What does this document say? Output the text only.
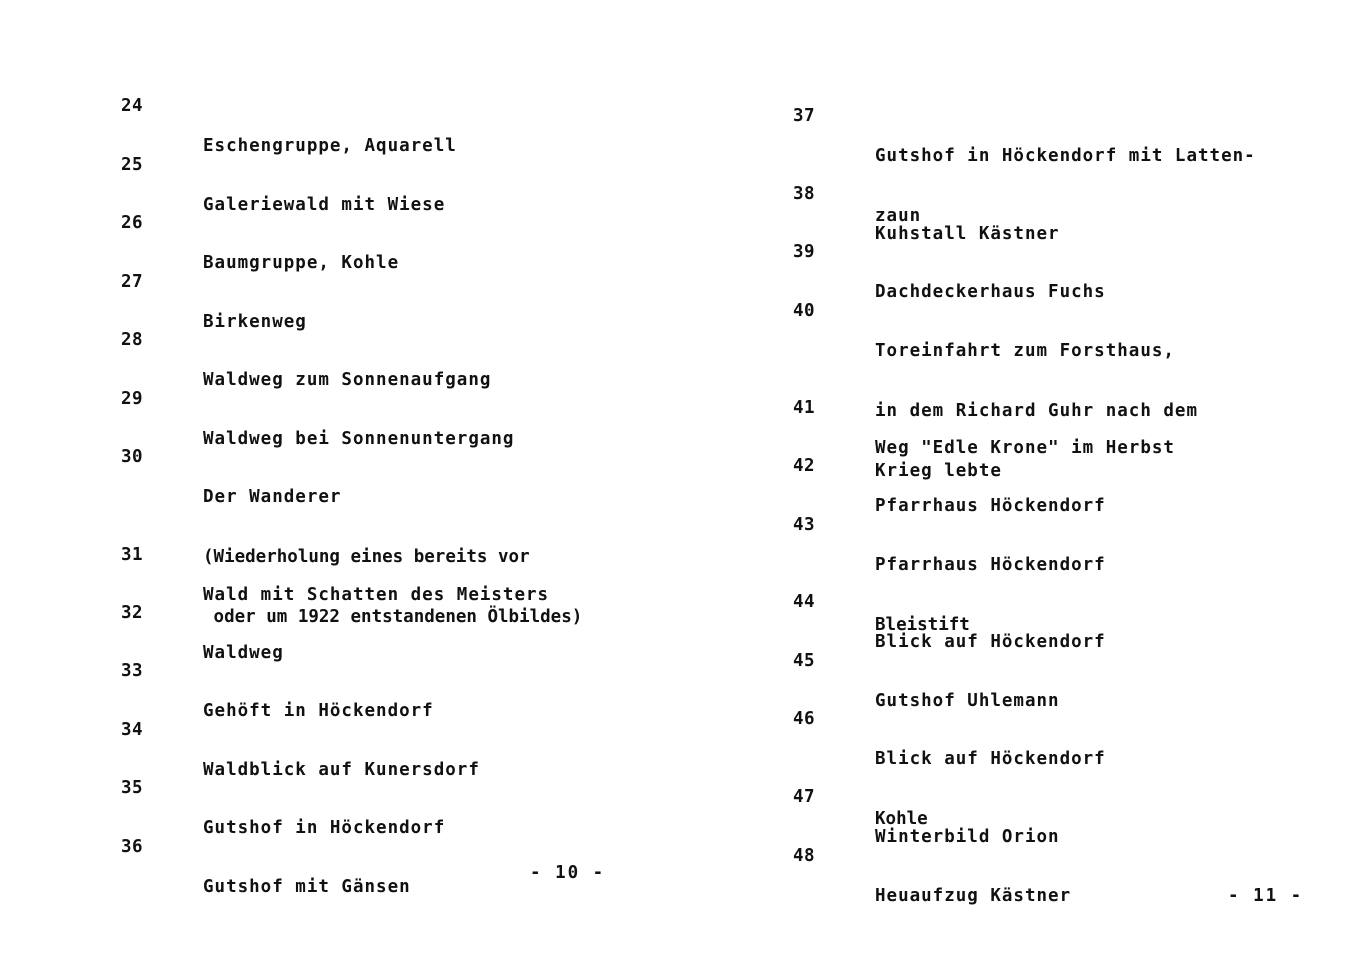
24

Eschengruppe, Aquarell

25

Galeriewald mit Wiese

26

Baumgruppe, Kohle

27

Birkenweg

28

Waldweg zum Sonnenaufgang

29

Waldweg bei Sonnenuntergang

30

Der Wanderer

(Wiederholung eines bereits vor

oder um 1922 entstandenen Ölbildes)

31

Wald mit Schatten des Meisters

32

Waldweg

33

Gehöft in Höckendorf

34

Waldblick auf Kunersdorf

35

Gutshof in Höckendorf

36

Gutshof mit Gänsen

- 10 -
37

Gutshof in Höckendorf mit Latten-

zaun

38

Kuhstall Kästner

39

Dachdeckerhaus Fuchs

40

Toreinfahrt zum Forsthaus,

in dem Richard Guhr nach dem

Krieg lebte

41

Weg "Edle Krone" im Herbst

42

Pfarrhaus Höckendorf

43

Pfarrhaus Höckendorf

Bleistift

44

Blick auf Höckendorf

45

Gutshof Uhlemann

46

Blick auf Höckendorf

Kohle

47

Winterbild Orion

48

Heuaufzug Kästner

	- 11 -
